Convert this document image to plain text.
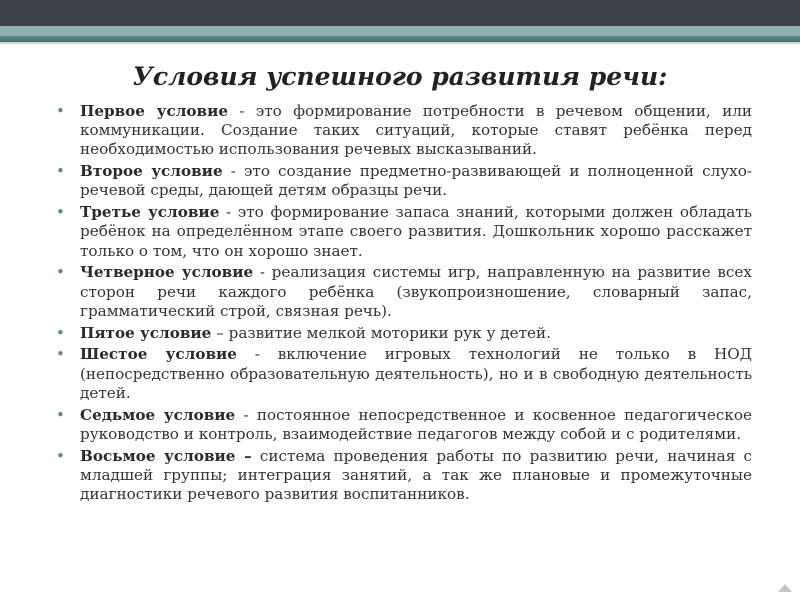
Условия успешного развития речи:
• Первое условие - это формирование потребности в речевом общении, или коммуникации. Создание таких ситуаций, которые ставят ребёнка перед необходимостью использования речевых высказываний.
• Второе условие - это создание предметно-развивающей и полноценной слухо-речевой среды, дающей детям образцы речи.
• Третье условие - это формирование запаса знаний, которыми должен обладать ребёнок на определённом этапе своего развития. Дошкольник хорошо расскажет только о том, что он хорошо знает.
• Четверное условие - реализация системы игр, направленную на развитие всех сторон речи каждого ребёнка (звукопроизношение, словарный запас, грамматический строй, связная речь).
• Пятое условие – развитие мелкой моторики рук у детей.
• Шестое условие - включение игровых технологий не только в НОД (непосредственно образовательную деятельность), но и в свободную деятельность детей.
• Седьмое условие - постоянное непосредственное и косвенное педагогическое руководство и контроль, взаимодействие педагогов между собой и с родителями.
• Восьмое условие – система проведения работы по развитию речи, начиная с младшей группы; интеграция занятий, а так же плановые и промежуточные диагностики речевого развития воспитанников.
